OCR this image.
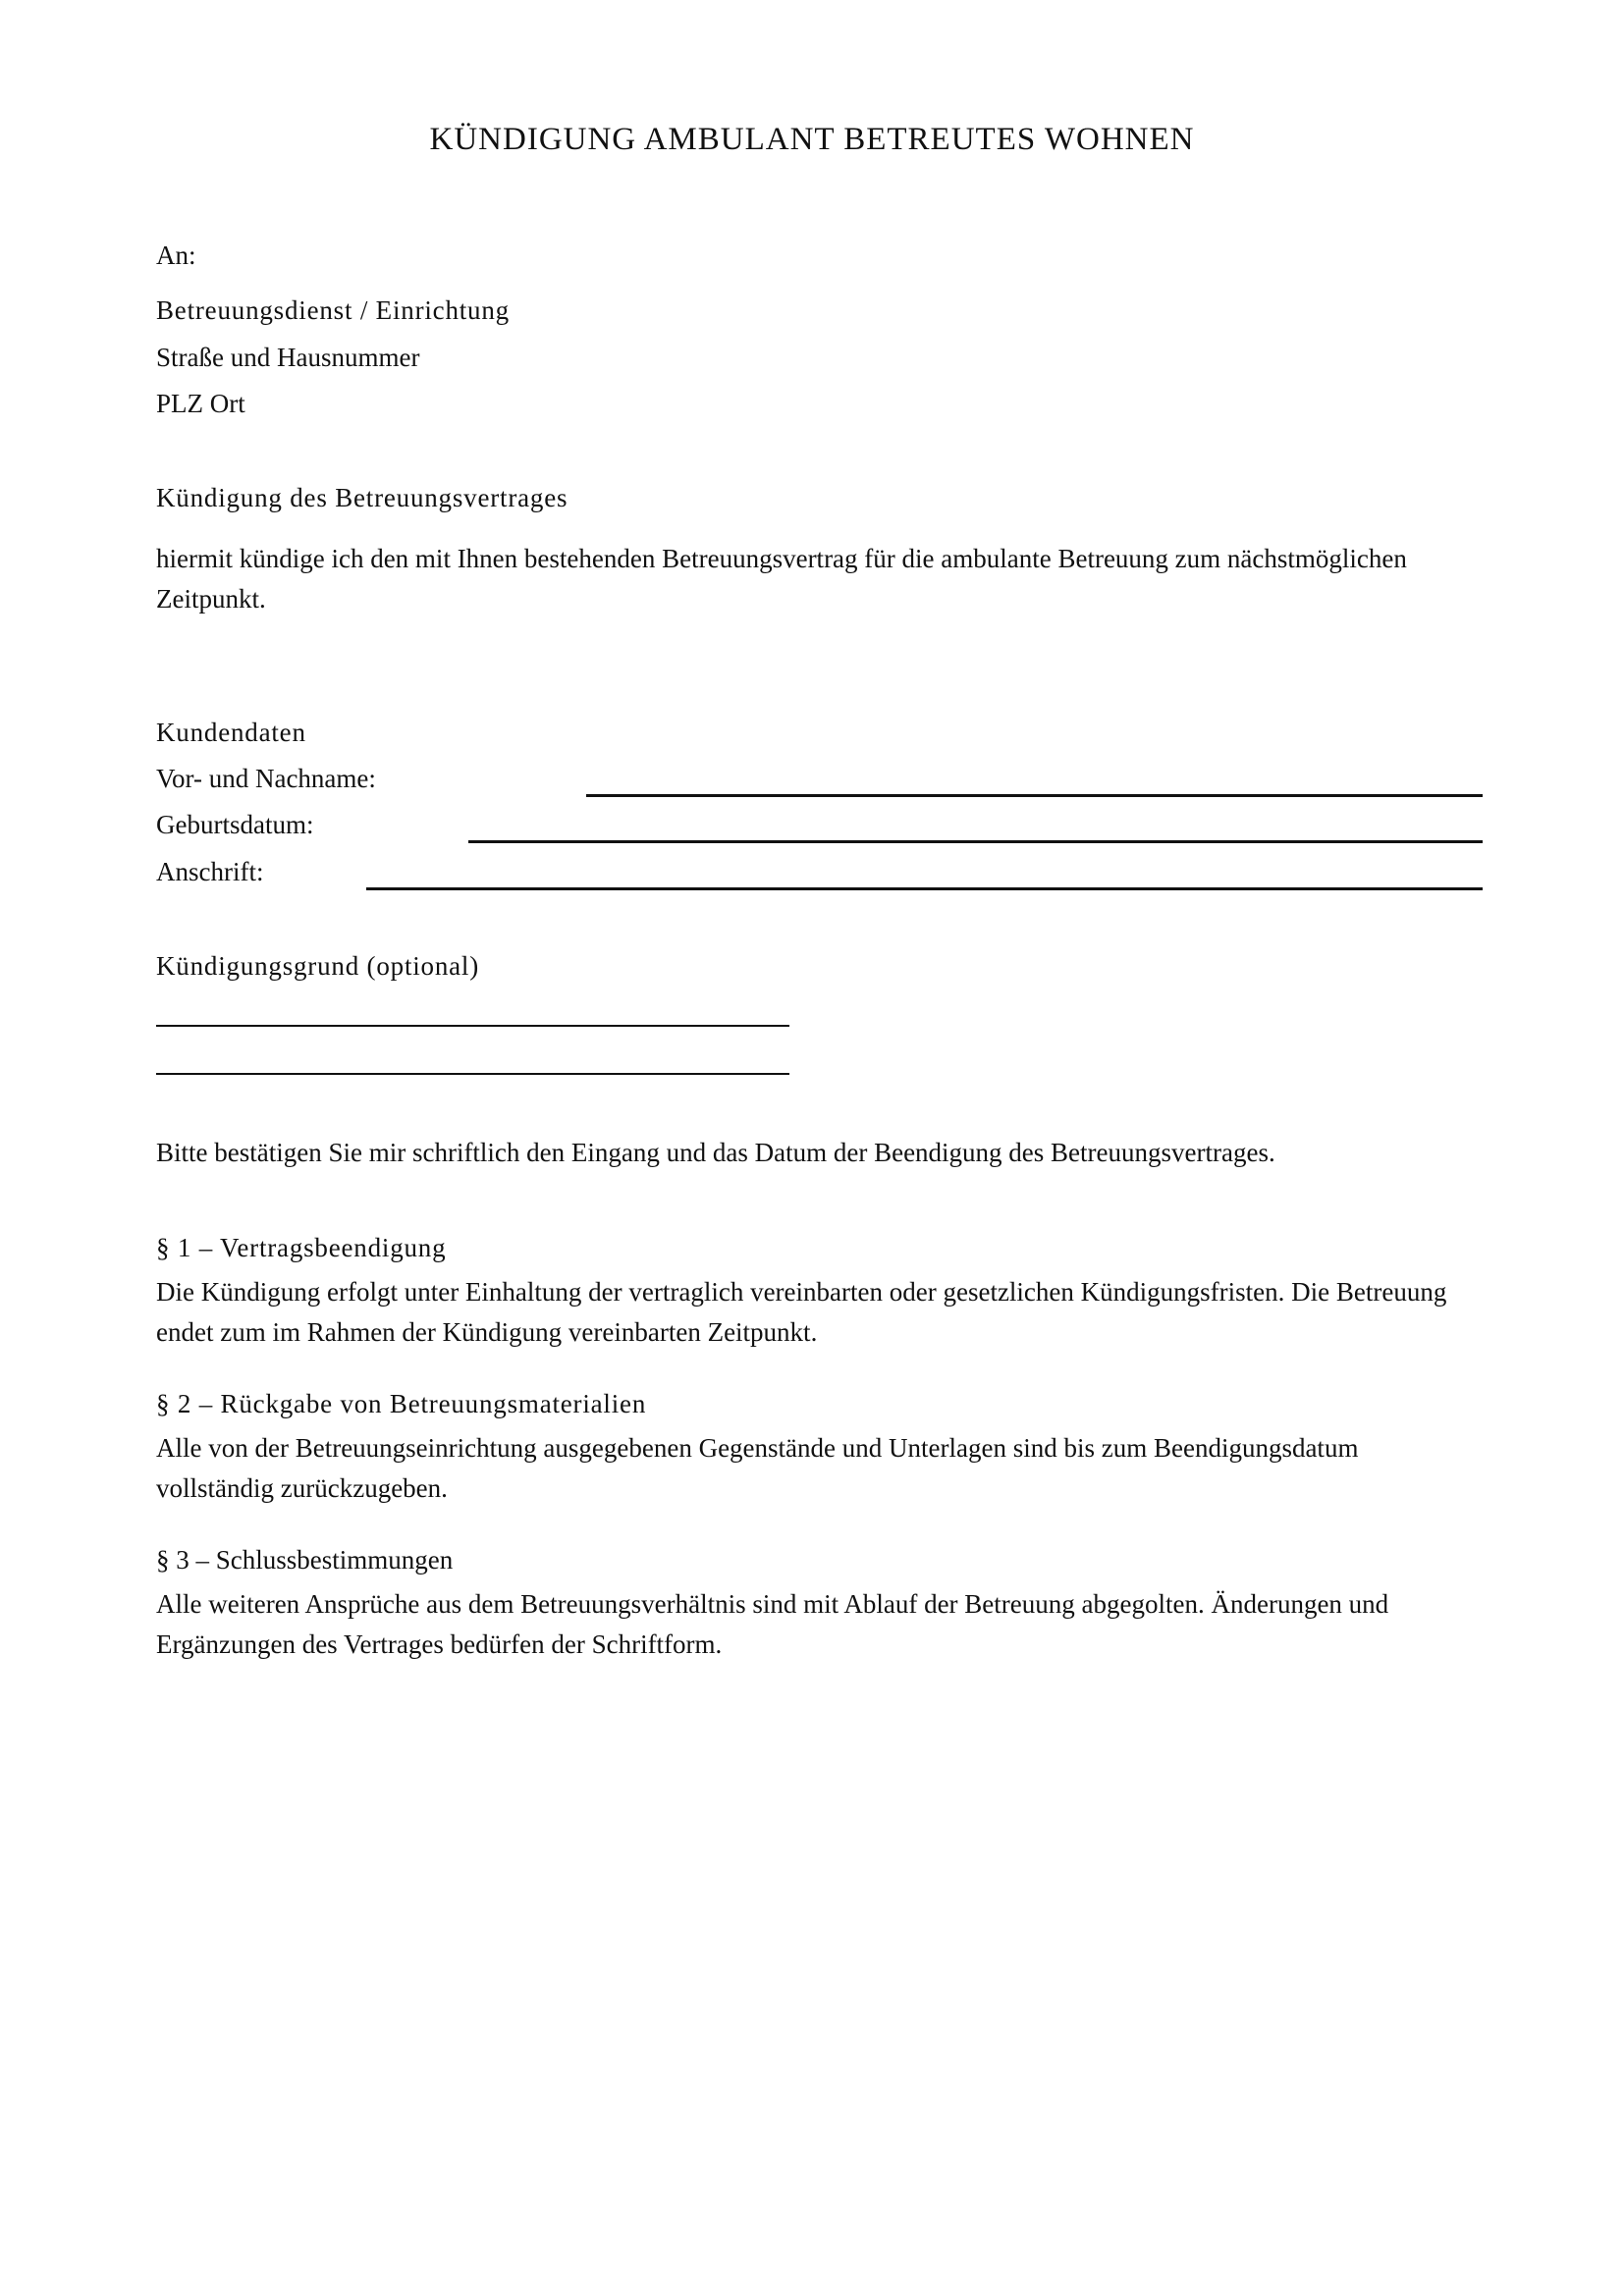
KÜNDIGUNG AMBULANT BETREUTES WOHNEN
An:
Betreuungsdienst / Einrichtung
Straße und Hausnummer
PLZ Ort
Kündigung des Betreuungsvertrages
hiermit kündige ich den mit Ihnen bestehenden Betreuungsvertrag für die ambulante Betreuung zum nächstmöglichen Zeitpunkt.
Kundendaten
Vor- und Nachname:
Geburtsdatum:
Anschrift:
Kündigungsgrund (optional)
Bitte bestätigen Sie mir schriftlich den Eingang und das Datum der Beendigung des Betreuungsvertrages.
§ 1 – Vertragsbeendigung
Die Kündigung erfolgt unter Einhaltung der vertraglich vereinbarten oder gesetzlichen Kündigungsfristen. Die Betreuung endet zum im Rahmen der Kündigung vereinbarten Zeitpunkt.
§ 2 – Rückgabe von Betreuungsmaterialien
Alle von der Betreuungseinrichtung ausgegebenen Gegenstände und Unterlagen sind bis zum Beendigungsdatum vollständig zurückzugeben.
§ 3 – Schlussbestimmungen
Alle weiteren Ansprüche aus dem Betreuungsverhältnis sind mit Ablauf der Betreuung abgegolten. Änderungen und Ergänzungen des Vertrages bedürfen der Schriftform.
